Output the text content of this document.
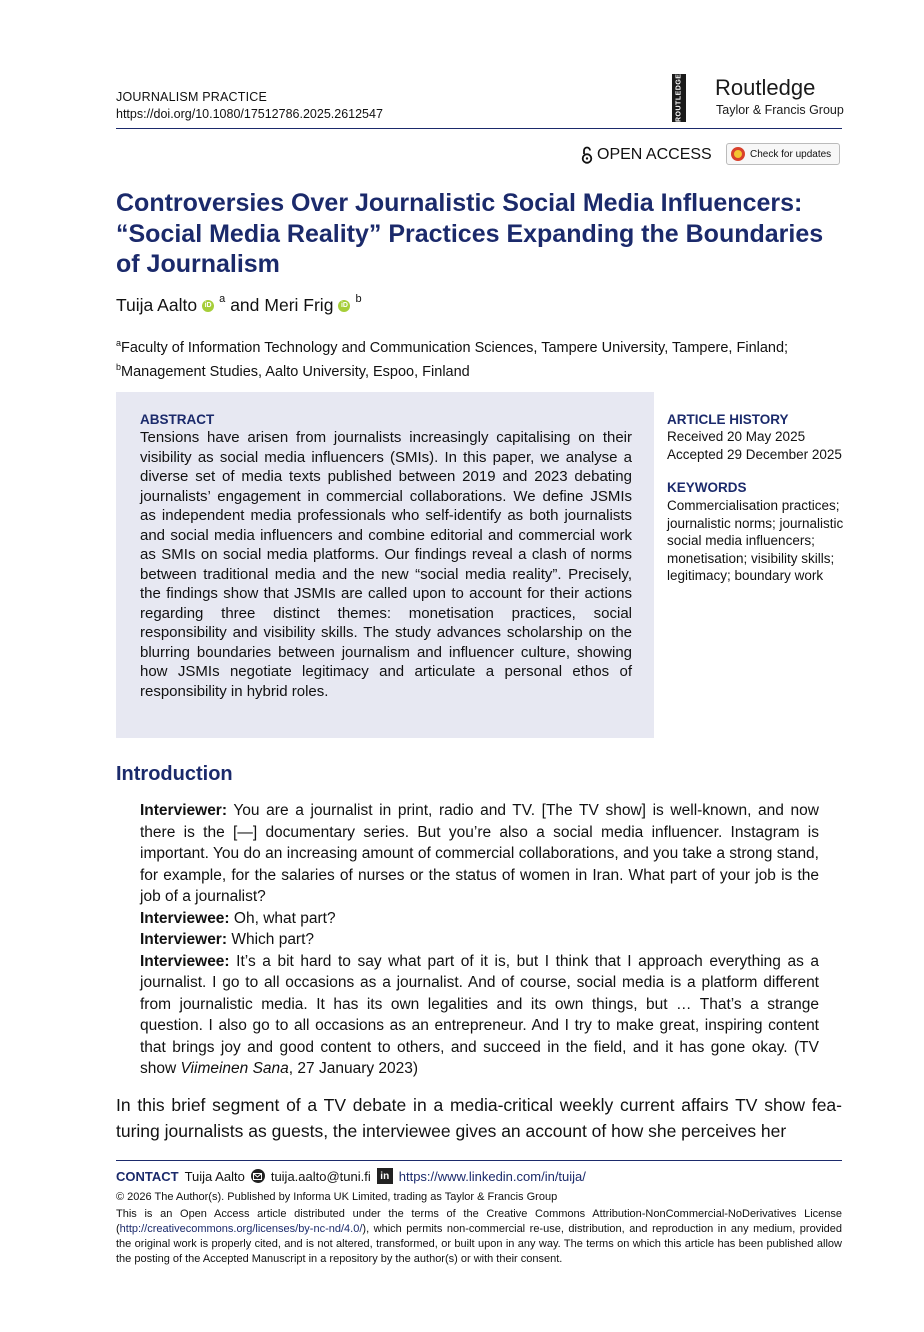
JOURNALISM PRACTICE
https://doi.org/10.1080/17512786.2025.2612547	ROUTLEDGE Routledge
Taylor & Francis Group
OPEN ACCESS	Check for updates
Controversies Over Journalistic Social Media Influencers: “Social Media Reality” Practices Expanding the Boundaries of Journalism
Tuija Aalto	iD
a and Meri Frig	iD
b
$^a$Faculty of Information Technology and Communication Sciences, Tampere University, Tampere, Finland;
$^b$Management Studies, Aalto University, Espoo, Finland
ABSTRACT
Tensions have arisen from journalists increasingly capitalising on their visibility as social media influencers (SMIs). In this paper, we analyse a diverse set of media texts published between 2019 and 2023 debating journalists’ engagement in commercial collaborations. We define JSMIs as independent media professionals who self-identify as both journalists and social media influencers and combine editorial and commercial work as SMIs on social media platforms. Our findings reveal a clash of norms between traditional media and the new “social media reality”. Precisely, the findings show that JSMIs are called upon to account for their actions regarding three distinct themes: monetisation practices, social responsibility and visibility skills. The study advances scholarship on the blurring boundaries between journalism and influencer culture, showing how JSMIs negotiate legitimacy and articulate a personal ethos of responsibility in hybrid roles.
ARTICLE HISTORY
Received 20 May 2025
Accepted 29 December 2025
KEYWORDS
Commercialisation practices; journalistic norms; journalistic social media influencers; monetisation; visibility skills; legitimacy; boundary work
Introduction

Interviewer: You are a journalist in print, radio and TV. [The TV show] is well-known, and now there is the [—] documentary series. But you’re also a social media influencer. Instagram is important. You do an increasing amount of commercial collaborations, and you take a strong stand, for example, for the salaries of nurses or the status of women in Iran. What part of your job is the job of a journalist?

Interviewee: Oh, what part?

Interviewer: Which part?

Interviewee: It’s a bit hard to say what part of it is, but I think that I approach everything as a journalist. I go to all occasions as a journalist. And of course, social media is a platform different from journalistic media. It has its own legalities and its own things, but … That’s a strange question. I also go to all occasions as an entrepreneur. And I try to make great, inspiring content that brings joy and good content to others, and succeed in the field, and it has gone okay. (TV show Viimeinen Sana, 27 January 2023)

In this brief segment of a TV debate in a media-critical weekly current affairs TV show featuring journalists as guests, the interviewee gives an account of how she perceives her
CONTACT Tuija Aalto tuija.aalto@tuni.fi in https://www.linkedin.com/in/tuija/
© 2026 The Author(s). Published by Informa UK Limited, trading as Taylor & Francis Group
This is an Open Access article distributed under the terms of the Creative Commons Attribution-NonCommercial-NoDerivatives License (http://creativecommons.org/licenses/by-nc-nd/4.0/), which permits non-commercial re-use, distribution, and reproduction in any medium, provided the original work is properly cited, and is not altered, transformed, or built upon in any way. The terms on which this article has been published allow the posting of the Accepted Manuscript in a repository by the author(s) or with their consent.
